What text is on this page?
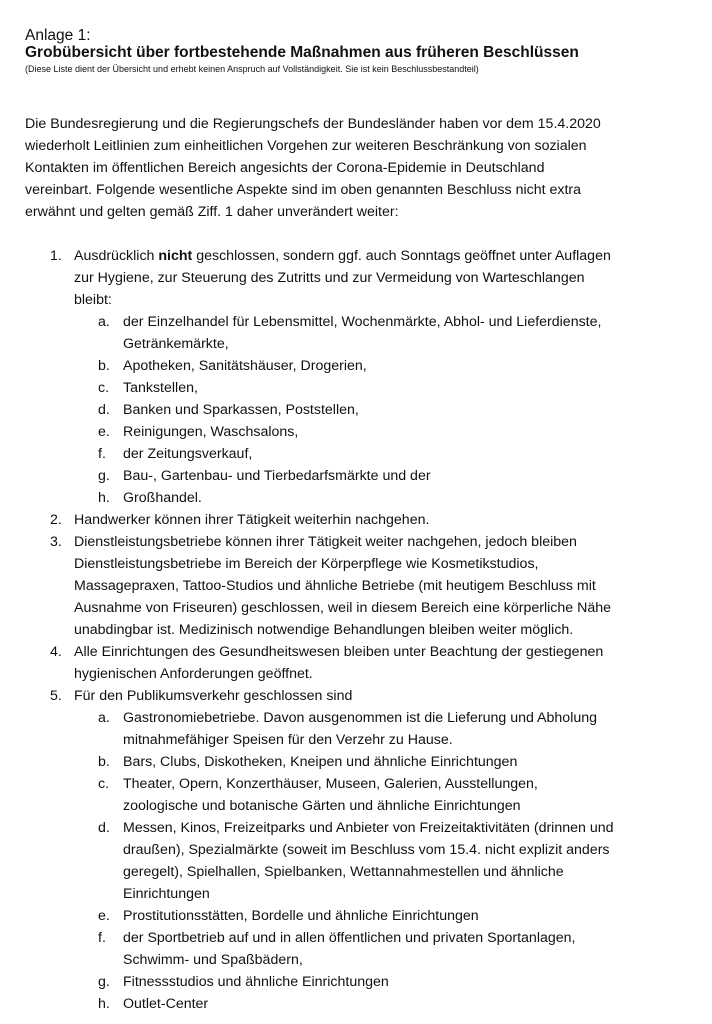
Anlage 1:
Grobübersicht über fortbestehende Maßnahmen aus früheren Beschlüssen
(Diese Liste dient der Übersicht und erhebt keinen Anspruch auf Vollständigkeit. Sie ist kein Beschlussbestandteil)
Die Bundesregierung und die Regierungschefs der Bundesländer haben vor dem 15.4.2020
wiederholt Leitlinien zum einheitlichen Vorgehen zur weiteren Beschränkung von sozialen
Kontakten im öffentlichen Bereich angesichts der Corona-Epidemie in Deutschland
vereinbart. Folgende wesentliche Aspekte sind im oben genannten Beschluss nicht extra
erwähnt und gelten gemäß Ziff. 1 daher unverändert weiter:
1. Ausdrücklich nicht geschlossen, sondern ggf. auch Sonntags geöffnet unter Auflagen
zur Hygiene, zur Steuerung des Zutritts und zur Vermeidung von Warteschlangen
bleibt:
a. der Einzelhandel für Lebensmittel, Wochenmärkte, Abhol- und Lieferdienste,
Getränkemärkte,
b. Apotheken, Sanitätshäuser, Drogerien,
c. Tankstellen,
d. Banken und Sparkassen, Poststellen,
e. Reinigungen, Waschsalons,
f.	der Zeitungsverkauf,
g. Bau-, Gartenbau- und Tierbedarfsmärkte und der
h. Großhandel.
2. Handwerker können ihrer Tätigkeit weiterhin nachgehen.
3. Dienstleistungsbetriebe können ihrer Tätigkeit weiter nachgehen, jedoch bleiben
Dienstleistungsbetriebe im Bereich der Körperpflege wie Kosmetikstudios,
Massagepraxen, Tattoo-Studios und ähnliche Betriebe (mit heutigem Beschluss mit
Ausnahme von Friseuren) geschlossen, weil in diesem Bereich eine körperliche Nähe
unabdingbar ist. Medizinisch notwendige Behandlungen bleiben weiter möglich.
4. Alle Einrichtungen des Gesundheitswesen bleiben unter Beachtung der gestiegenen
hygienischen Anforderungen geöffnet.
5. Für den Publikumsverkehr geschlossen sind
a. Gastronomiebetriebe. Davon ausgenommen ist die Lieferung und Abholung
mitnahmefähiger Speisen für den Verzehr zu Hause.
b. Bars, Clubs, Diskotheken, Kneipen und ähnliche Einrichtungen
c. Theater, Opern, Konzerthäuser, Museen, Galerien, Ausstellungen,
zoologische und botanische Gärten und ähnliche Einrichtungen
d. Messen, Kinos, Freizeitparks und Anbieter von Freizeitaktivitäten (drinnen und
draußen), Spezialmärkte (soweit im Beschluss vom 15.4. nicht explizit anders
geregelt), Spielhallen, Spielbanken, Wettannahmestellen und ähnliche
Einrichtungen
e. Prostitutionsstätten, Bordelle und ähnliche Einrichtungen
f.	der Sportbetrieb auf und in allen öffentlichen und privaten Sportanlagen,
Schwimm- und Spaßbädern,
g. Fitnessstudios und ähnliche Einrichtungen
h. Outlet-Center
